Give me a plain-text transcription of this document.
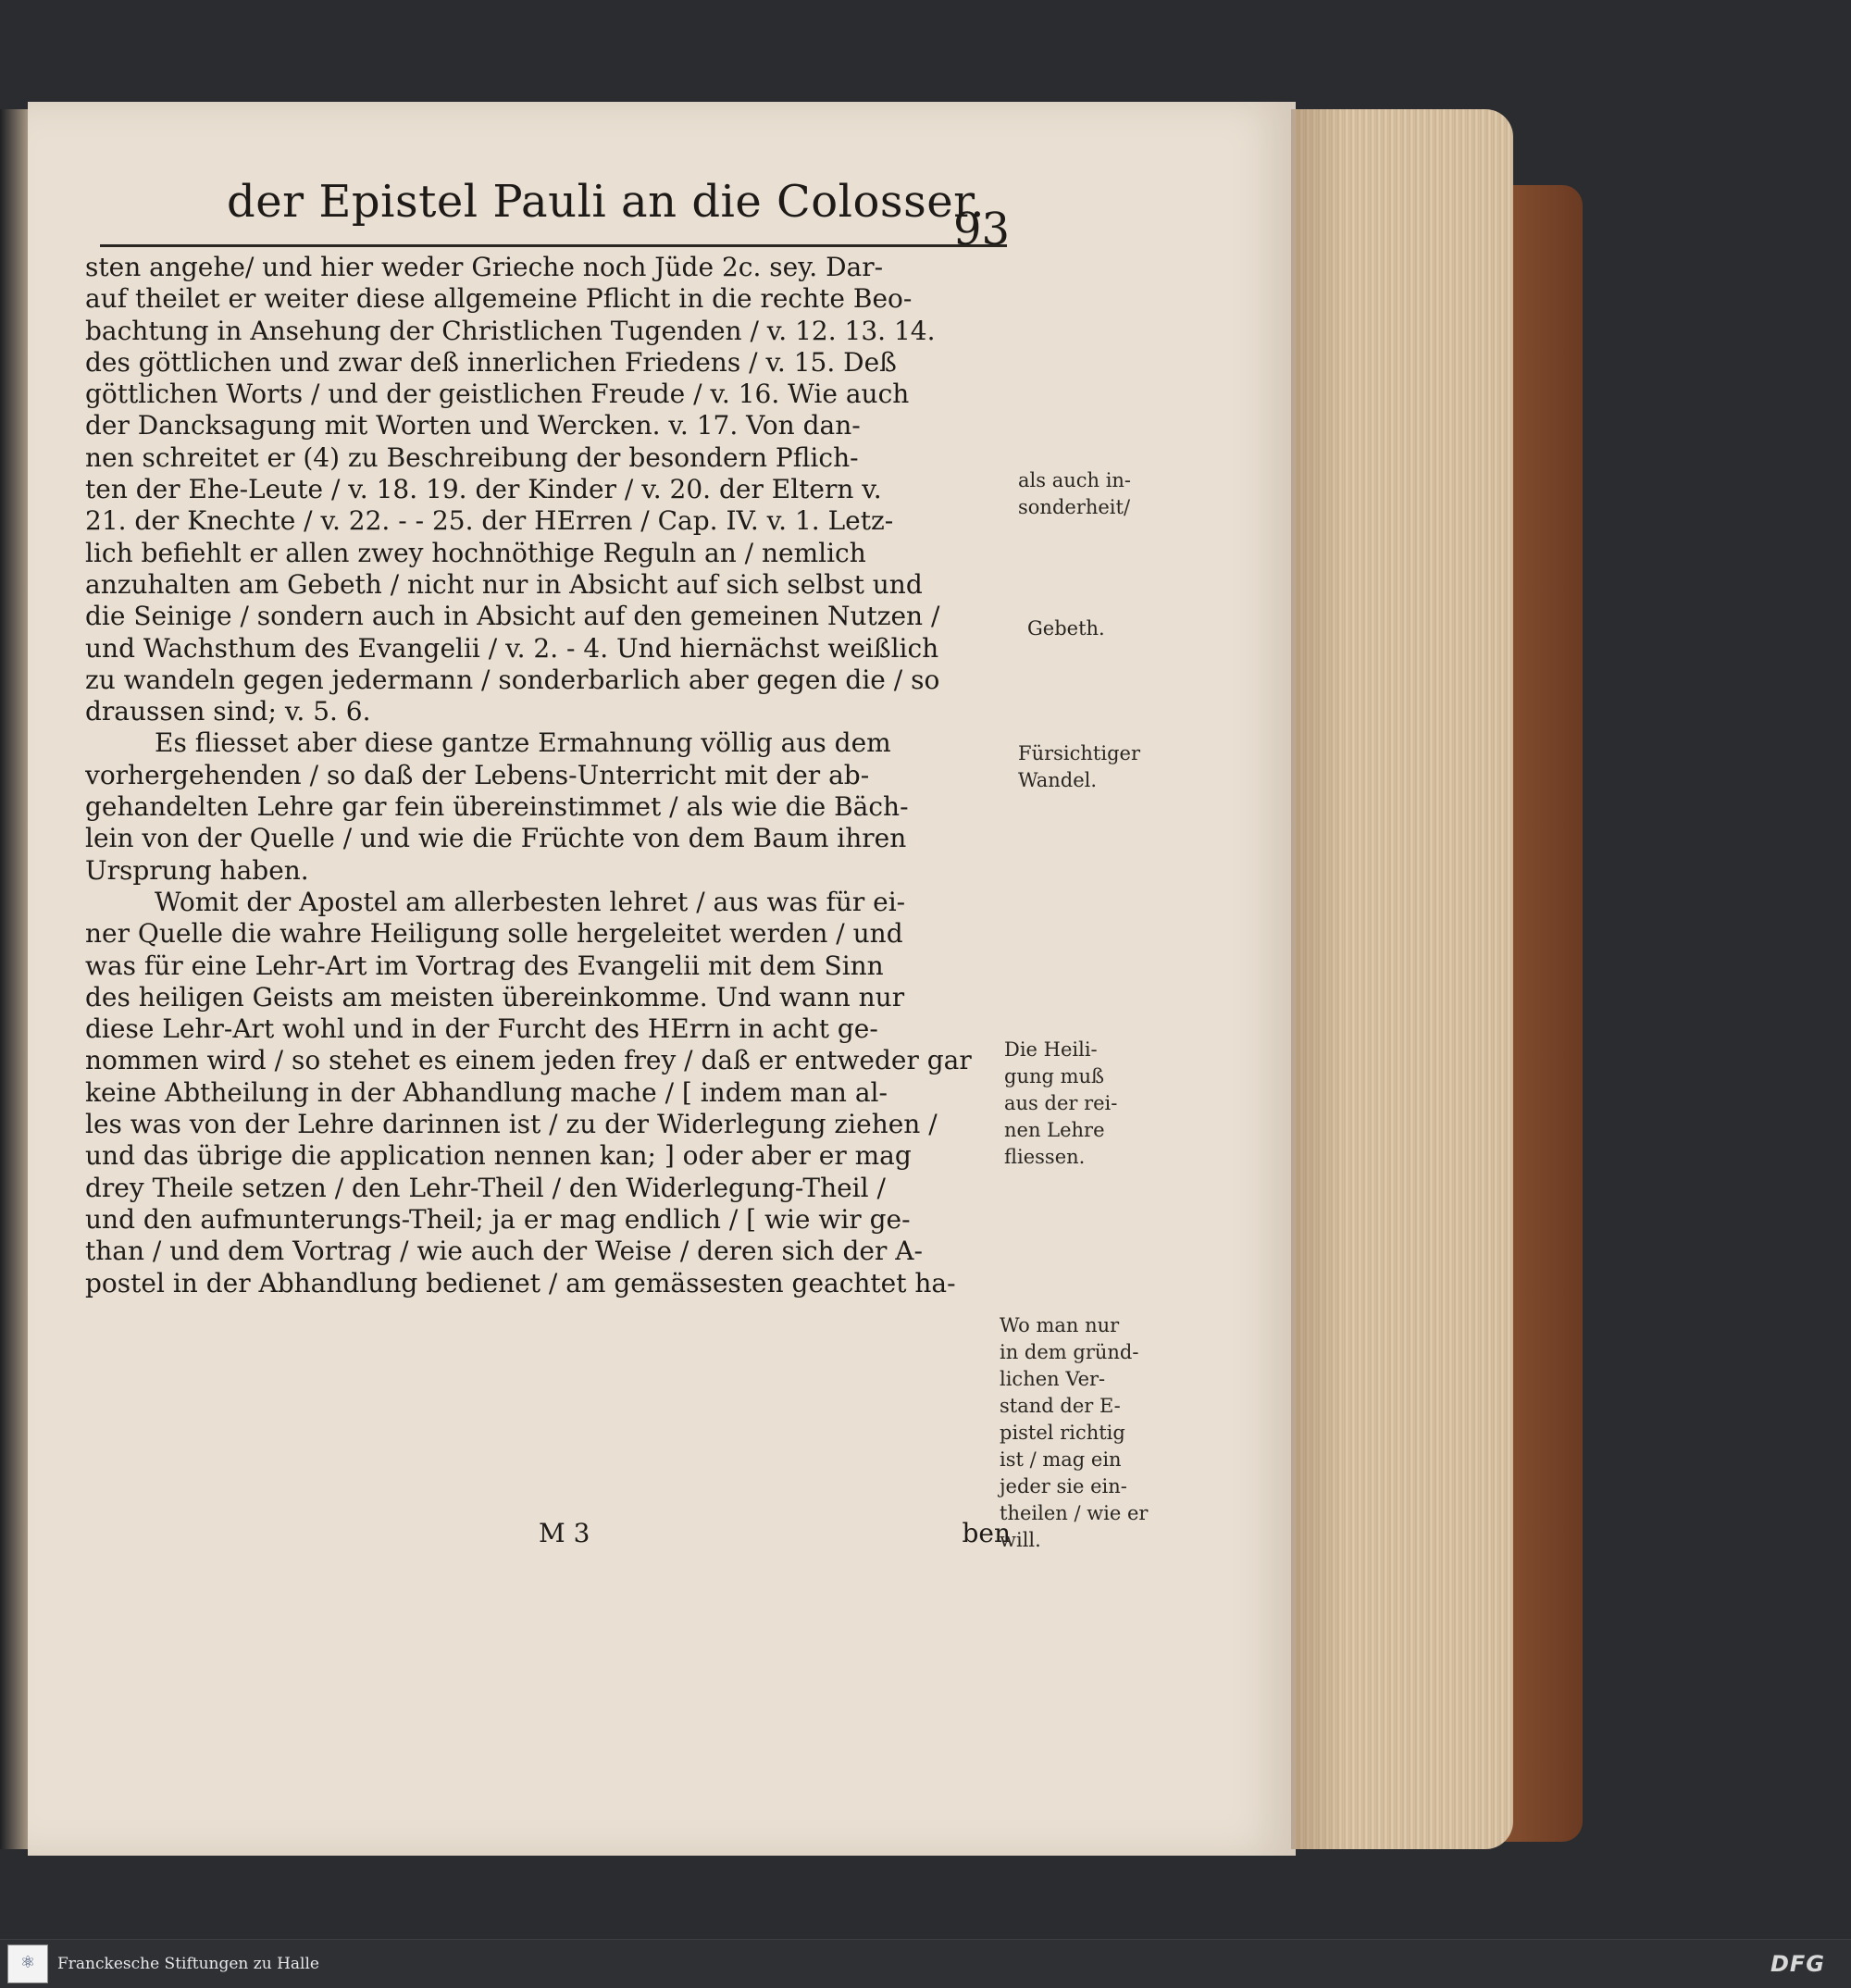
der Epistel Pauli an die Colosser.
93
sten angehe/ und hier weder Grieche noch Jüde 2c. sey. Dar-
auf theilet er weiter diese allgemeine Pflicht in die rechte Beo-
bachtung in Ansehung der Christlichen Tugenden / v. 12. 13. 14.
des göttlichen und zwar deß innerlichen Friedens / v. 15. Deß
göttlichen Worts / und der geistlichen Freude / v. 16. Wie auch
der Dancksagung mit Worten und Wercken. v. 17. Von dan-
nen schreitet er (4) zu Beschreibung der besondern Pflich-
ten der Ehe-Leute / v. 18. 19. der Kinder / v. 20. der Eltern v.
21. der Knechte / v. 22. - - 25. der HErren / Cap. IV. v. 1. Letz-
lich befiehlt er allen zwey hochnöthige Reguln an / nemlich
anzuhalten am Gebeth / nicht nur in Absicht auf sich selbst und
die Seinige / sondern auch in Absicht auf den gemeinen Nutzen /
und Wachsthum des Evangelii / v. 2. - 4. Und hiernächst weißlich
zu wandeln gegen jedermann / sonderbarlich aber gegen die / so
draussen sind; v. 5. 6.
Es fliesset aber diese gantze Ermahnung völlig aus dem
vorhergehenden / so daß der Lebens-Unterricht mit der ab-
gehandelten Lehre gar fein übereinstimmet / als wie die Bäch-
lein von der Quelle / und wie die Früchte von dem Baum ihren
Ursprung haben.
Womit der Apostel am allerbesten lehret / aus was für ei-
ner Quelle die wahre Heiligung solle hergeleitet werden / und
was für eine Lehr-Art im Vortrag des Evangelii mit dem Sinn
des heiligen Geists am meisten übereinkomme. Und wann nur
diese Lehr-Art wohl und in der Furcht des HErrn in acht ge-
nommen wird / so stehet es einem jeden frey / daß er entweder gar
keine Abtheilung in der Abhandlung mache / [ indem man al-
les was von der Lehre darinnen ist / zu der Widerlegung ziehen /
und das übrige die application nennen kan; ] oder aber er mag
drey Theile setzen / den Lehr-Theil / den Widerlegung-Theil /
und den aufmunterungs-Theil; ja er mag endlich / [ wie wir ge-
than / und dem Vortrag / wie auch der Weise / deren sich der A-
postel in der Abhandlung bedienet / am gemässesten geachtet ha-
M 3	ben
als auch in-
sonderheit/
Gebeth.
Fürsichtiger
Wandel.
Die Heili-
gung muß
aus der rei-
nen Lehre
fliessen.
Wo man nur
in dem gründ-
lichen Ver-
stand der E-
pistel richtig
ist / mag ein
jeder sie ein-
theilen / wie er
will.
⚛	Franckesche Stiftungen zu Halle	DFG
